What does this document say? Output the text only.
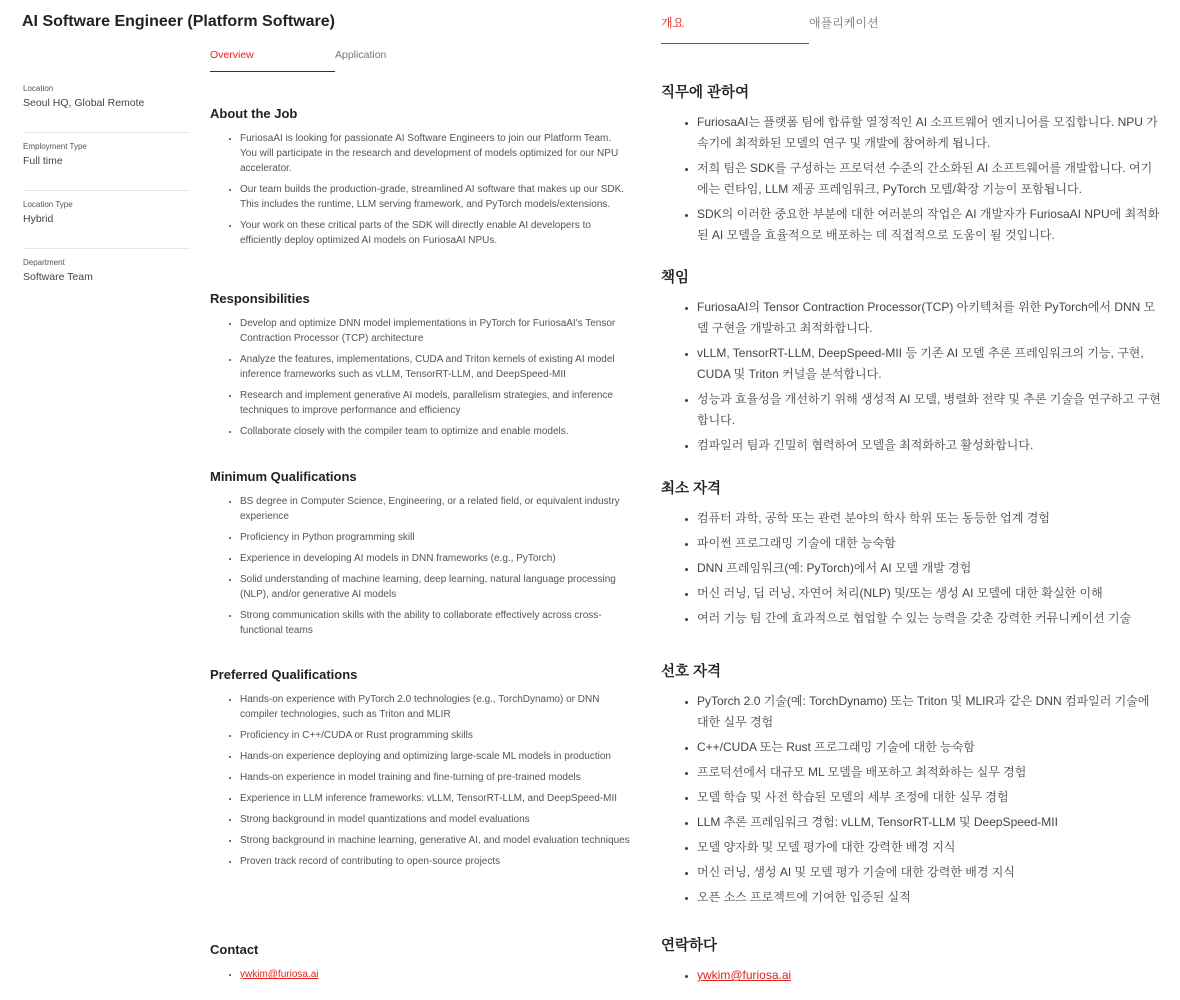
AI Software Engineer (Platform Software)
Location
Seoul HQ, Global Remote
Employment Type
Full time
Location Type
Hybrid
Department
Software Team
Overview	Application
개요	애플리케이션
About the Job
• FuriosaAI is looking for passionate AI Software Engineers to join our Platform Team. You will participate in the research and development of models optimized for our NPU accelerator.
• Our team builds the production-grade, streamlined AI software that makes up our SDK. This includes the runtime, LLM serving framework, and PyTorch models/extensions.
• Your work on these critical parts of the SDK will directly enable AI developers to efficiently deploy optimized AI models on FuriosaAI NPUs.
Responsibilities
• Develop and optimize DNN model implementations in PyTorch for FuriosaAI's Tensor Contraction Processor (TCP) architecture
• Analyze the features, implementations, CUDA and Triton kernels of existing AI model inference frameworks such as vLLM, TensorRT-LLM, and DeepSpeed-MII
• Research and implement generative AI models, parallelism strategies, and inference techniques to improve performance and efficiency
• Collaborate closely with the compiler team to optimize and enable models.
Minimum Qualifications
• BS degree in Computer Science, Engineering, or a related field, or equivalent industry experience
• Proficiency in Python programming skill
• Experience in developing AI models in DNN frameworks (e.g., PyTorch)
• Solid understanding of machine learning, deep learning, natural language processing (NLP), and/or generative AI models
• Strong communication skills with the ability to collaborate effectively across cross-functional teams
Preferred Qualifications
• Hands-on experience with PyTorch 2.0 technologies (e.g., TorchDynamo) or DNN compiler technologies, such as Triton and MLIR
• Proficiency in C++/CUDA or Rust programming skills
• Hands-on experience deploying and optimizing large-scale ML models in production
• Hands-on experience in model training and fine-turning of pre-trained models
• Experience in LLM inference frameworks: vLLM, TensorRT-LLM, and DeepSpeed-MII
• Strong background in model quantizations and model evaluations
• Strong background in machine learning, generative AI, and model evaluation techniques
• Proven track record of contributing to open-source projects
Contact
• ywkim@furiosa.ai
직무에 관하여
• FuriosaAI는 플랫폼 팀에 합류할 열정적인 AI 소프트웨어 엔지니어를 모집합니다. NPU 가속기에 최적화된 모델의 연구 및 개발에 참여하게 됩니다.
• 저희 팀은 SDK를 구성하는 프로덕션 수준의 간소화된 AI 소프트웨어를 개발합니다. 여기에는 런타임, LLM 제공 프레임워크, PyTorch 모델/확장 기능이 포함됩니다.
• SDK의 이러한 중요한 부분에 대한 여러분의 작업은 AI 개발자가 FuriosaAI NPU에 최적화된 AI 모델을 효율적으로 배포하는 데 직접적으로 도움이 될 것입니다.
책임
• FuriosaAI의 Tensor Contraction Processor(TCP) 아키텍처를 위한 PyTorch에서 DNN 모델 구현을 개발하고 최적화합니다.
• vLLM, TensorRT-LLM, DeepSpeed-MII 등 기존 AI 모델 추론 프레임워크의 기능, 구현, CUDA 및 Triton 커널을 분석합니다.
• 성능과 효율성을 개선하기 위해 생성적 AI 모델, 병렬화 전략 및 추론 기술을 연구하고 구현합니다.
• 컴파일러 팀과 긴밀히 협력하여 모델을 최적화하고 활성화합니다.
최소 자격
• 컴퓨터 과학, 공학 또는 관련 분야의 학사 학위 또는 동등한 업계 경험
• 파이썬 프로그래밍 기술에 대한 능숙함
• DNN 프레임워크(예: PyTorch)에서 AI 모델 개발 경험
• 머신 러닝, 딥 러닝, 자연어 처리(NLP) 및/또는 생성 AI 모델에 대한 확실한 이해
• 여러 기능 팀 간에 효과적으로 협업할 수 있는 능력을 갖춘 강력한 커뮤니케이션 기술
선호 자격
• PyTorch 2.0 기술(예: TorchDynamo) 또는 Triton 및 MLIR과 같은 DNN 컴파일러 기술에 대한 실무 경험
• C++/CUDA 또는 Rust 프로그래밍 기술에 대한 능숙함
• 프로덕션에서 대규모 ML 모델을 배포하고 최적화하는 실무 경험
• 모델 학습 및 사전 학습된 모델의 세부 조정에 대한 실무 경험
• LLM 추론 프레임워크 경험: vLLM, TensorRT-LLM 및 DeepSpeed-MII
• 모델 양자화 및 모델 평가에 대한 강력한 배경 지식
• 머신 러닝, 생성 AI 및 모델 평가 기술에 대한 강력한 배경 지식
• 오픈 소스 프로젝트에 기여한 입증된 실적
연락하다
• ywkim@furiosa.ai
